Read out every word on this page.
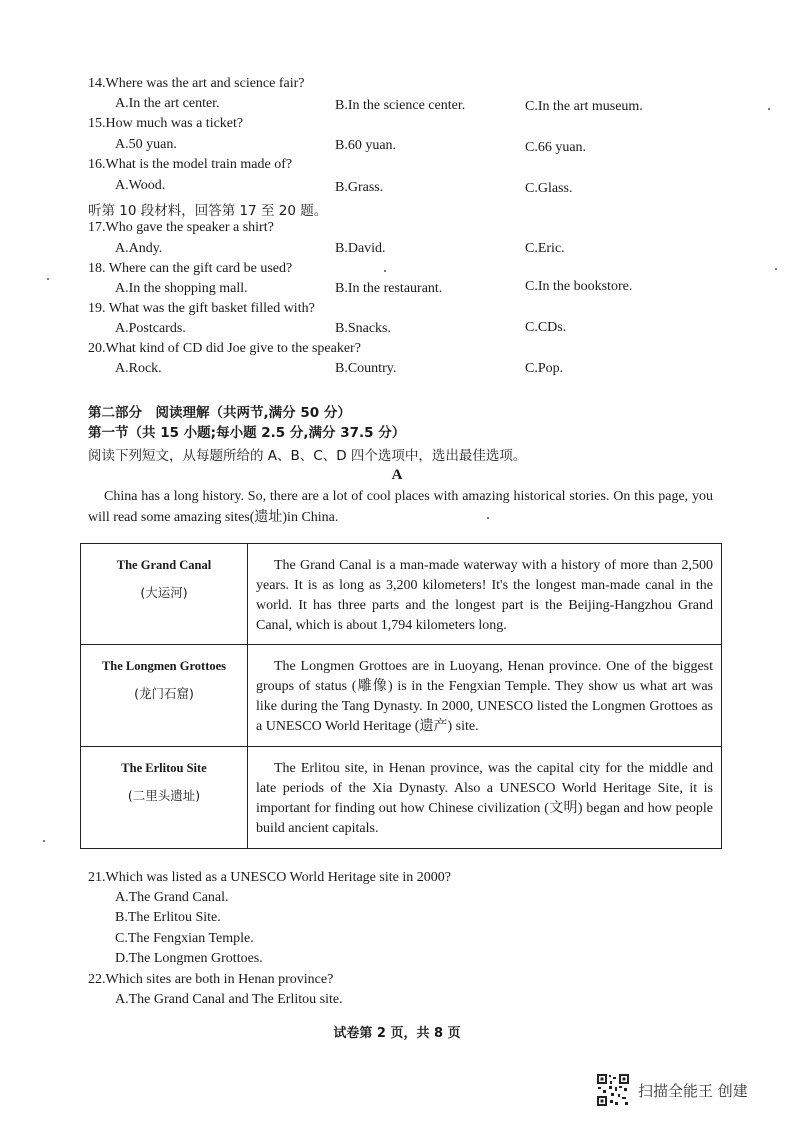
14.Where was the art and science fair?
A.In the art center.	B.In the science center.	C.In the art museum.
15.How much was a ticket?
A.50 yuan.	B.60 yuan.	C.66 yuan.
16.What is the model train made of?
A.Wood.	B.Grass.	C.Glass.
听第 10 段材料，回答第 17 至 20 题。
17.Who gave the speaker a shirt?
A.Andy.	B.David.	C.Eric.
18. Where can the gift card be used?
A.In the shopping mall.	B.In the restaurant.	C.In the bookstore.
19. What was the gift basket filled with?
A.Postcards.	B.Snacks.	C.CDs.
20.What kind of CD did Joe give to the speaker?
A.Rock.	B.Country.	C.Pop.
第二部分　阅读理解（共两节,满分 50 分）
第一节（共 15 小题;每小题 2.5 分,满分 37.5 分）
阅读下列短文，从每题所给的 A、B、C、D 四个选项中，选出最佳选项。
A
China has a long history. So, there are a lot of cool places with amazing historical stories. On this page, you will read some amazing sites(遗址)in China.
The Grand Canal
(大运河)	The Grand Canal is a man-made waterway with a history of more than 2,500 years. It is as long as 3,200 kilometers! It's the longest man-made canal in the world. It has three parts and the longest part is the Beijing-Hangzhou Grand Canal, which is about 1,794 kilometers long.

The Longmen Grottoes
(龙门石窟)	The Longmen Grottoes are in Luoyang, Henan province. One of the biggest groups of status (雕像) is in the Fengxian Temple. They show us what art was like during the Tang Dynasty. In 2000, UNESCO listed the Longmen Grottoes as a UNESCO World Heritage (遗产) site.

The Erlitou Site
(二里头遗址)	The Erlitou site, in Henan province, was the capital city for the middle and late periods of the Xia Dynasty. Also a UNESCO World Heritage Site, it is important for finding out how Chinese civilization (文明) began and how people build ancient capitals.
21.Which was listed as a UNESCO World Heritage site in 2000?
A.The Grand Canal.
B.The Erlitou Site.
C.The Fengxian Temple.
D.The Longmen Grottoes.
22.Which sites are both in Henan province?
A.The Grand Canal and The Erlitou site.
试卷第 2 页，共 8 页
扫描全能王 创建
